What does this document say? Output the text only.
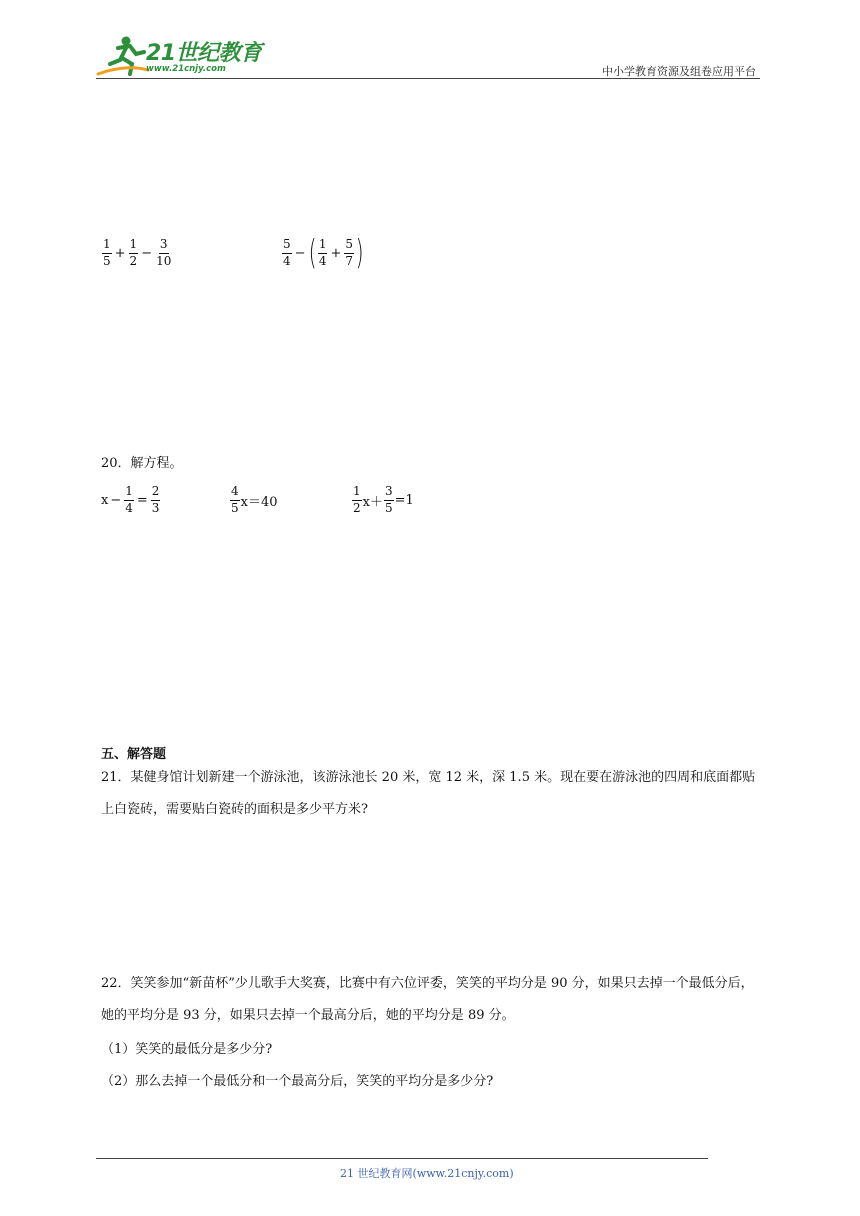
21世纪教育
www.21cnjy.com	中小学教育资源及组卷应用平台
$\frac{1}{5} + \frac{1}{2} - \frac{3}{10}$	$\frac{5}{4}$ − ( $\frac{1}{4} + \frac{5}{7}$ )
20．解方程。
$x - \frac{1}{4} = \frac{2}{3}$	$\frac{4}{5} x=40$	$\frac{1}{2} x+ \frac{3}{5} =1$
五、解答题
21．某健身馆计划新建一个游泳池，该游泳池长 20 米，宽 12 米，深 1.5 米。现在要在游泳池的四周和底面都贴上白瓷砖，需要贴白瓷砖的面积是多少平方米?
22．笑笑参加“新苗杯”少儿歌手大奖赛，比赛中有六位评委，笑笑的平均分是 90 分，如果只去掉一个最低分后，她的平均分是 93 分，如果只去掉一个最高分后，她的平均分是 89 分。
（1）笑笑的最低分是多少分?
（2）那么去掉一个最低分和一个最高分后，笑笑的平均分是多少分?
21 世纪教育网(www.21cnjy.com)
